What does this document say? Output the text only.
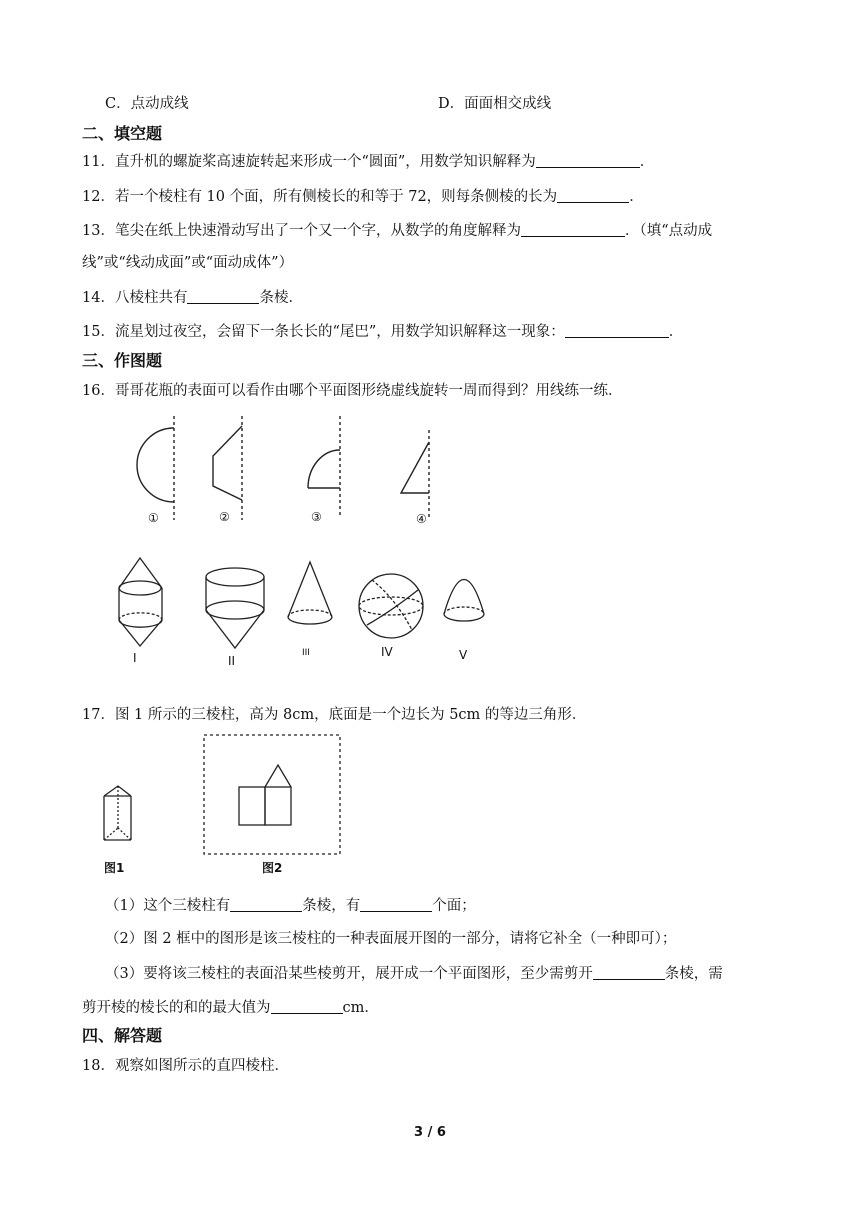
C．点动成线	D．面面相交成线
二、填空题
11．直升机的螺旋桨高速旋转起来形成一个“圆面”，用数学知识解释为	．
12．若一个棱柱有 10 个面，所有侧棱长的和等于 72，则每条侧棱的长为	．
13．笔尖在纸上快速滑动写出了一个又一个字，从数学的角度解释为	．（填“点动成
线”或“线动成面”或“面动成体”）
14．八棱柱共有	条棱．
15．流星划过夜空，会留下一条长长的“尾巴”，用数学知识解释这一现象：	．
三、作图题
16．哥哥花瓶的表面可以看作由哪个平面图形绕虚线旋转一周而得到？用线练一练．
①	②	③	④
I	II
III	IV	V
17．图 1 所示的三棱柱，高为 8cm，底面是一个边长为 5cm 的等边三角形．
图1	图2
（1）这个三棱柱有	条棱，有	个面；
（2）图 2 框中的图形是该三棱柱的一种表面展开图的一部分，请将它补全（一种即可）；
（3）要将该三棱柱的表面沿某些棱剪开，展开成一个平面图形，至少需剪开	条棱，需
剪开棱的棱长的和的最大值为	cm．
四、解答题
18．观察如图所示的直四棱柱．
3 / 6
